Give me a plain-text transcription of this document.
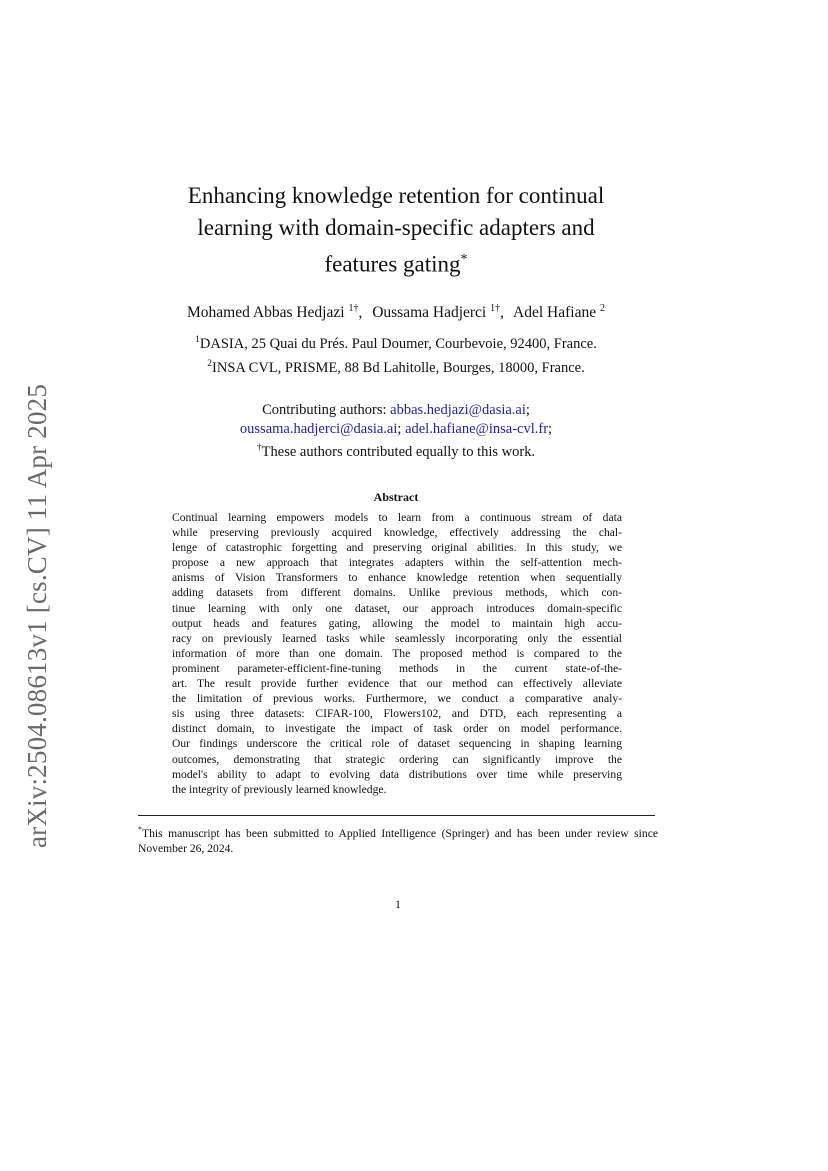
arXiv:2504.08613v1 [cs.CV] 11 Apr 2025
Enhancing knowledge retention for continual
learning with domain-specific adapters and
features gating*
Mohamed Abbas Hedjazi $^{1\dagger}$, Oussama Hadjerci $^{1\dagger}$, Adel Hafiane $^2$
$^1$DASIA, 25 Quai du Prés. Paul Doumer, Courbevoie, 92400, France.
$^2$INSA CVL, PRISME, 88 Bd Lahitolle, Bourges, 18000, France.
Contributing authors: abbas.hedjazi@dasia.ai;
oussama.hadjerci@dasia.ai; adel.hafiane@insa-cvl.fr;
†These authors contributed equally to this work.
Abstract
Continual learning empowers models to learn from a continuous stream of data
while preserving previously acquired knowledge, effectively addressing the chal-
lenge of catastrophic forgetting and preserving original abilities. In this study, we
propose a new approach that integrates adapters within the self-attention mech-
anisms of Vision Transformers to enhance knowledge retention when sequentially
adding datasets from different domains. Unlike previous methods, which con-
tinue learning with only one dataset, our approach introduces domain-specific
output heads and features gating, allowing the model to maintain high accu-
racy on previously learned tasks while seamlessly incorporating only the essential
information of more than one domain. The proposed method is compared to the
prominent parameter-efficient-fine-tuning methods in the current state-of-the-
art. The result provide further evidence that our method can effectively alleviate
the limitation of previous works. Furthermore, we conduct a comparative analy-
sis using three datasets: CIFAR-100, Flowers102, and DTD, each representing a
distinct domain, to investigate the impact of task order on model performance.
Our findings underscore the critical role of dataset sequencing in shaping learning
outcomes, demonstrating that strategic ordering can significantly improve the
model's ability to adapt to evolving data distributions over time while preserving
the integrity of previously learned knowledge.
*This manuscript has been submitted to Applied Intelligence (Springer) and has been under review since November 26, 2024.
1
